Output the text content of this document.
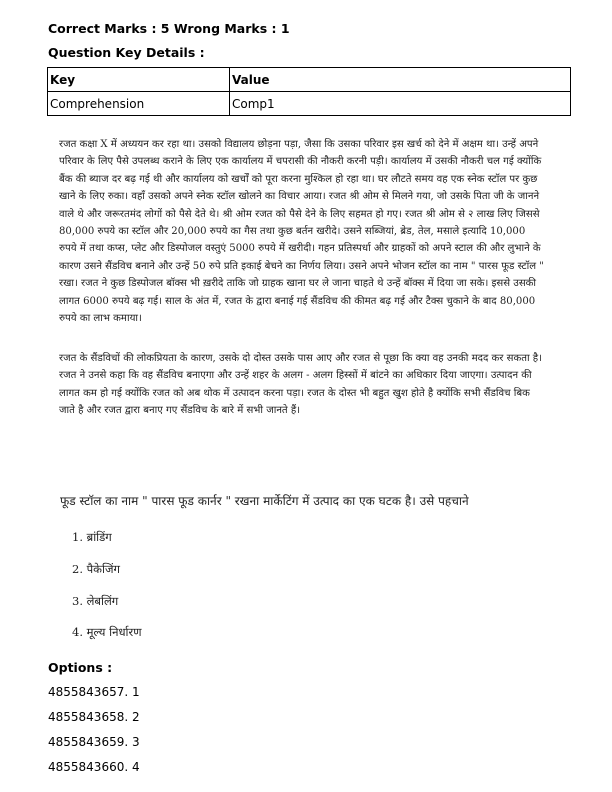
Correct Marks : 5 Wrong Marks : 1
Question Key Details :
Key	Value
Comprehension	Comp1
रजत कक्षा X में अध्ययन कर रहा था। उसको विद्यालय छोड़ना पड़ा, जैसा कि उसका परिवार इस खर्च को देने में अक्षम था। उन्हें अपने परिवार के लिए पैसे उपलब्ध कराने के लिए एक कार्यालय में चपरासी की नौकरी करनी पड़ी। कार्यालय में उसकी नौकरी चल गई क्योंकि बैंक की ब्याज दर बढ़ गई थी और कार्यालय को खर्चों को पूरा करना मुश्किल हो रहा था। घर लौटते समय वह एक स्नेक स्टॉल पर कुछ खाने के लिए रुका। वहाँ उसको अपने स्नेक स्टॉल खोलने का विचार आया। रजत श्री ओम से मिलने गया, जो उसके पिता जी के जानने वाले थे और जरूरतमंद लोगों को पैसे देते थे। श्री ओम रजत को पैसे देने के लिए सहमत हो गए। रजत श्री ओम से २ लाख लिए जिससे 80,000 रुपये का स्टॉल और 20,000 रुपये का गैस तथा कुछ बर्तन खरीदे। उसने सब्जियां, ब्रेड, तेल, मसाले इत्यादि 10,000 रुपये में तथा कप्स, प्लेट और डिस्पोजल वस्तुएं 5000 रुपये में खरीदी। गहन प्रतिस्पर्धा और ग्राहकों को अपने स्टाल की और लुभाने के कारण उसने सैंडविच बनाने और उन्हें 50 रुपे प्रति इकाई बेचने का निर्णय लिया। उसने अपने भोजन स्टॉल का नाम " पारस फूड स्टॉल " रखा। रजत ने कुछ डिस्पोजल बॉक्स भी ख़रीदे ताकि जो ग्राहक खाना घर ले जाना चाहते थे उन्हें बॉक्स में दिया जा सके। इससे उसकी लागत 6000 रुपये बढ़ गई। साल के अंत में, रजत के द्वारा बनाई गई सैंडविच की कीमत बढ़ गई और टैक्स चुकाने के बाद 80,000 रुपये का लाभ कमाया।
रजत के सैंडविचों की लोकप्रियता के कारण, उसके दो दोस्त उसके पास आए और रजत से पूछा कि क्या वह उनकी मदद कर सकता है। रजत ने उनसे कहा कि वह सैंडविच बनाएगा और उन्हें शहर के अलग - अलग हिस्सों में बांटने का अधिकार दिया जाएगा। उत्पादन की लागत कम हो गई क्योंकि रजत को अब थोक में उत्पादन करना पड़ा। रजत के दोस्त भी बहुत खुश होते है क्योंकि सभी सैंडविच बिक जाते है और रजत द्वारा बनाए गए सैंडविच के बारे में सभी जानते हैं।
फूड स्टॉल का नाम " पारस फूड कार्नर " रखना मार्केटिंग में उत्पाद का एक घटक है। उसे पहचाने
1. ब्रांडिंग
2. पैकेजिंग
3. लेबलिंग
4. मूल्य निर्धारण
Options :
4855843657. 1
4855843658. 2
4855843659. 3
4855843660. 4
